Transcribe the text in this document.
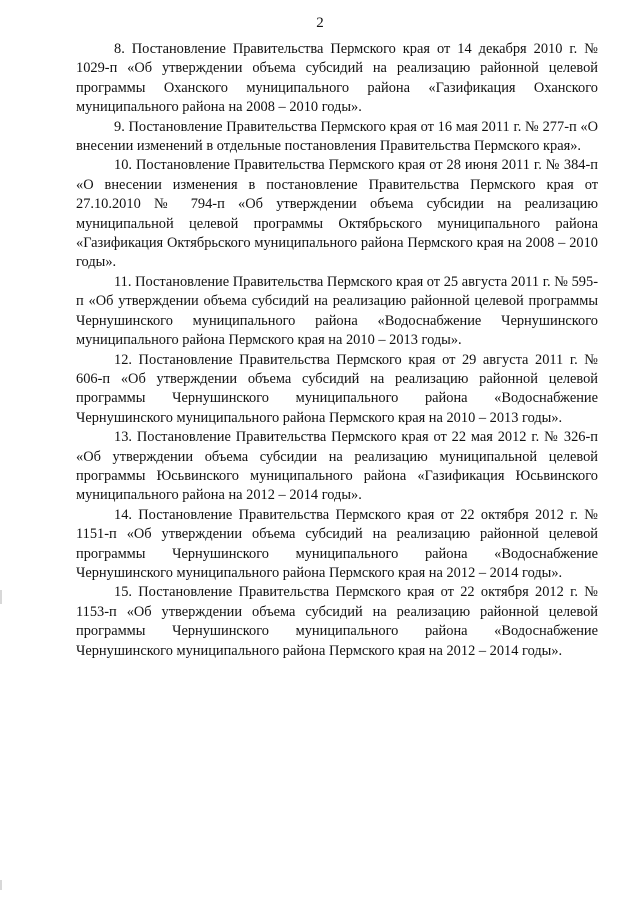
2

8. Постановление Правительства Пермского края от 14 декабря 2010 г. № 1029-п «Об утверждении объема субсидий на реализацию районной целевой программы Оханского муниципального района «Газификация Оханского муниципального района на 2008 – 2010 годы».

9. Постановление Правительства Пермского края от 16 мая 2011 г. № 277-п «О внесении изменений в отдельные постановления Правительства Пермского края».

10. Постановление Правительства Пермского края от 28 июня 2011 г. № 384-п «О внесении изменения в постановление Правительства Пермского края от 27.10.2010 № 794-п «Об утверждении объема субсидии на реализацию муниципальной целевой программы Октябрьского муниципального района «Газификация Октябрьского муниципального района Пермского края на 2008 – 2010 годы».

11. Постановление Правительства Пермского края от 25 августа 2011 г. № 595-п «Об утверждении объема субсидий на реализацию районной целевой программы Чернушинского муниципального района «Водоснабжение Чернушинского муниципального района Пермского края на 2010 – 2013 годы».

12. Постановление Правительства Пермского края от 29 августа 2011 г. № 606-п «Об утверждении объема субсидий на реализацию районной целевой программы Чернушинского муниципального района «Водоснабжение Чернушинского муниципального района Пермского края на 2010 – 2013 годы».

13. Постановление Правительства Пермского края от 22 мая 2012 г. № 326-п «Об утверждении объема субсидии на реализацию муниципальной целевой программы Юсьвинского муниципального района «Газификация Юсьвинского муниципального района на 2012 – 2014 годы».

14. Постановление Правительства Пермского края от 22 октября 2012 г. № 1151-п «Об утверждении объема субсидий на реализацию районной целевой программы Чернушинского муниципального района «Водоснабжение Чернушинского муниципального района Пермского края на 2012 – 2014 годы».

15. Постановление Правительства Пермского края от 22 октября 2012 г. № 1153-п «Об утверждении объема субсидий на реализацию районной целевой программы Чернушинского муниципального района «Водоснабжение Чернушинского муниципального района Пермского края на 2012 – 2014 годы».
